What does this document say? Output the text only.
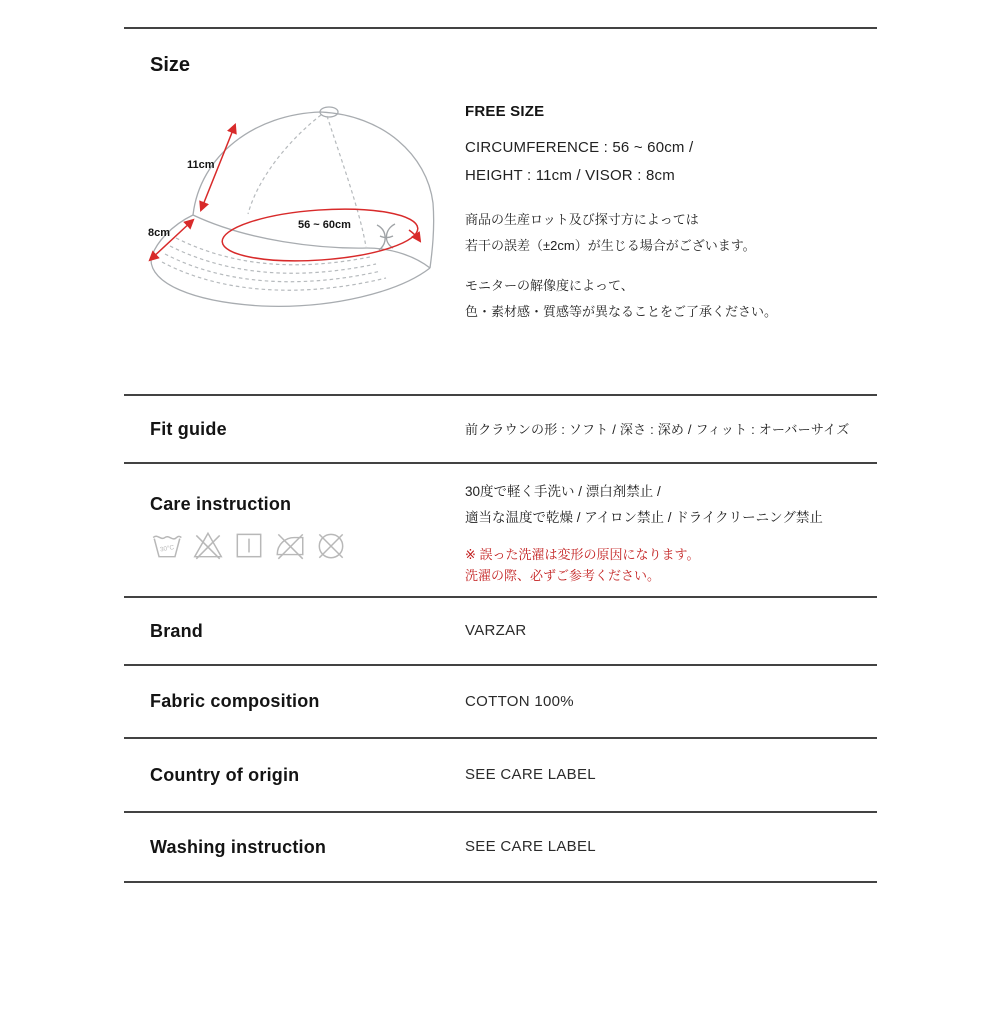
Size
11cm
8cm
56 ~ 60cm
FREE SIZE
CIRCUMFERENCE : 56 ~ 60cm /
HEIGHT : 11cm / VISOR : 8cm
商品の生産ロット及び探寸方によっては
若干の誤差（±2cm）が生じる場合がございます。
モニターの解像度によって、
色・素材感・質感等が異なることをご了承ください。
Fit guide	前クラウンの形 : ソフト / 深さ : 深め / フィット : オーバーサイズ
Care instruction
30°C
30度で軽く手洗い / 漂白剤禁止 /
適当な温度で乾燥 / アイロン禁止 / ドライクリーニング禁止
※ 誤った洗濯は変形の原因になります。
洗濯の際、必ずご参考ください。
Brand	VARZAR
Fabric composition	COTTON 100%
Country of origin	SEE CARE LABEL
Washing instruction	SEE CARE LABEL
